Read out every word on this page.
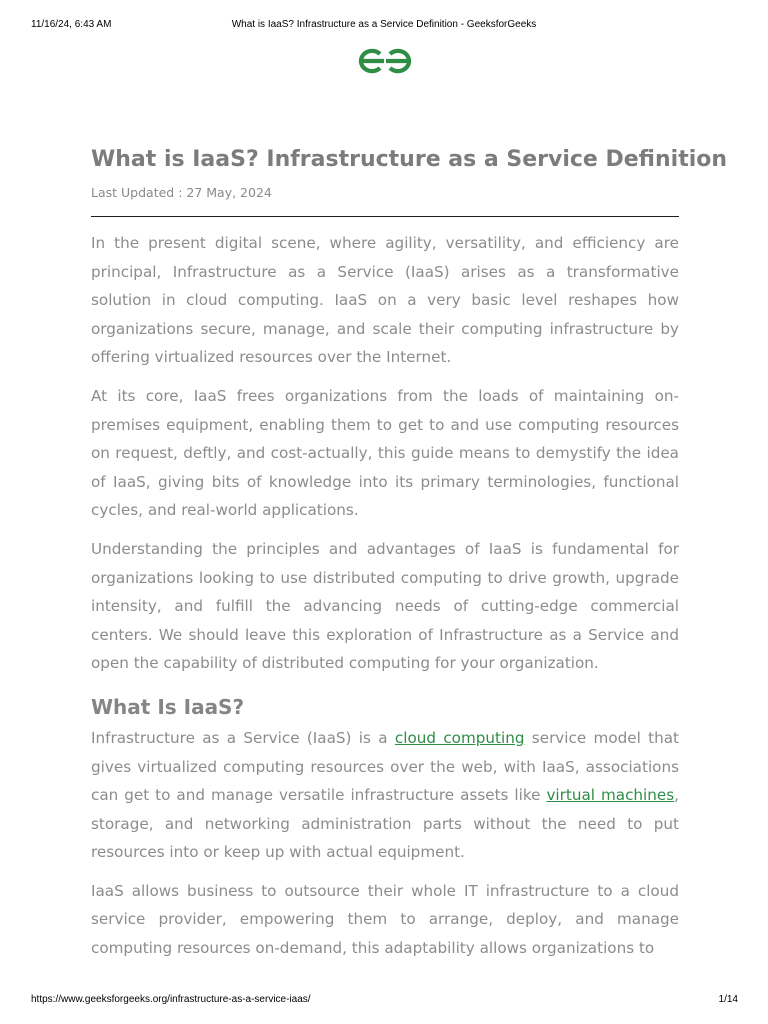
11/16/24, 6:43 AM	What is IaaS? Infrastructure as a Service Definition - GeeksforGeeks
What is IaaS? Infrastructure as a Service Definition
Last Updated : 27 May, 2024

In the present digital scene, where agility, versatility, and efficiency are principal, Infrastructure as a Service (IaaS) arises as a transformative solution in cloud computing. IaaS on a very basic level reshapes how organizations secure, manage, and scale their computing infrastructure by offering virtualized resources over the Internet.

At its core, IaaS frees organizations from the loads of maintaining on-premises equipment, enabling them to get to and use computing resources on request, deftly, and cost-actually, this guide means to demystify the idea of IaaS, giving bits of knowledge into its primary terminologies, functional cycles, and real-world applications.

Understanding the principles and advantages of IaaS is fundamental for organizations looking to use distributed computing to drive growth, upgrade intensity, and fulfill the advancing needs of cutting-edge commercial centers. We should leave this exploration of Infrastructure as a Service and open the capability of distributed computing for your organization.

What Is IaaS?

Infrastructure as a Service (IaaS) is a cloud computing service model that gives virtualized computing resources over the web, with IaaS, associations can get to and manage versatile infrastructure assets like virtual machines, storage, and networking administration parts without the need to put resources into or keep up with actual equipment.

IaaS allows business to outsource their whole IT infrastructure to a cloud service provider, empowering them to arrange, deploy, and manage computing resources on-demand, this adaptability allows organizations to

https://www.geeksforgeeks.org/infrastructure-as-a-service-iaas/	1/14
